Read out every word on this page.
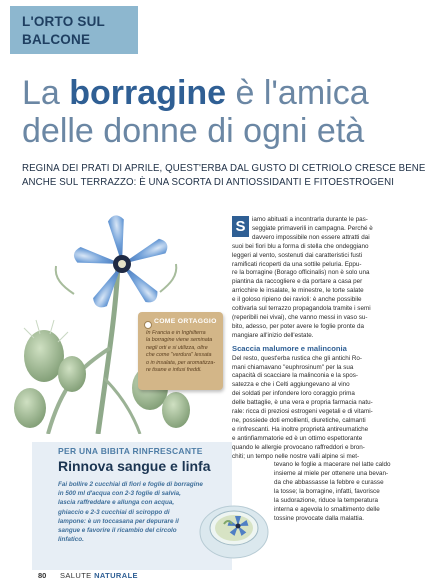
L'ORTO SUL
BALCONE
La borragine è l'amica
delle donne di ogni età
REGINA DEI PRATI DI APRILE, QUEST'ERBA DAL GUSTO DI CETRIOLO CRESCE BENE
ANCHE SUL TERRAZZO: È UNA SCORTA DI ANTIOSSIDANTI E FITOESTROGENI
COME ORTAGGIO
In Francia e in Inghilterra
la borragine viene seminata
negli orti e si utilizza, oltre
che come "verdura" lessata
o in insalata, per aromatizza-
re tisane e infusi freddi.
PER UNA BIBITA RINFRESCANTE
Rinnova sangue e linfa
Fai bollire 2 cucchiai di fiori e foglie di borragine
in 500 ml d'acqua con 2-3 foglie di salvia,
lascia raffreddare e allunga con acqua,
ghiaccio e 2-3 cucchiai di sciroppo di
lampone: è un toccasana per depurare il
sangue e favorire il ricambio del circolo
linfatico.
S	iamo abituati a incontrarla durante le pas-
seggiate primaverili in campagna. Perché è
davvero impossibile non essere attratti dai
suoi bei fiori blu a forma di stella che ondeggiano
leggeri al vento, sostenuti dai caratteristici fusti
ramificati ricoperti da una sottile peluria. Eppu-
re la borragine (Borago officinalis) non è solo una
piantina da raccogliere e da portare a casa per
arricchire le insalate, le minestre, le torte salate
e il goloso ripieno dei ravioli: è anche possibile
coltivarla sul terrazzo propagandola tramite i semi
(reperibili nei vivai), che vanno messi in vaso su-
bito, adesso, per poter avere le foglie pronte da
mangiare all'inizio dell'estate.
Scaccia malumore e malinconia
Del resto, quest'erba rustica che gli antichi Ro-
mani chiamavano "euphrosinum" per la sua
capacità di scacciare la malinconia e la spos-
satezza e che i Celti aggiungevano al vino
dei soldati per infondere loro coraggio prima
delle battaglie, è una vera e propria farmacia natu-
rale: ricca di preziosi estrogeni vegetali e di vitami-
ne, possiede doti emollienti, diuretiche, calmanti
e rinfrescanti. Ha inoltre proprietà antireumatiche
e antinfiammatorie ed è un ottimo espettorante
quando le allergie provocano raffreddori e bron-
chiti; un tempo nelle nostre valli alpine si met-
tevano le foglie a macerare nel latte caldo
insieme al miele per ottenere una bevan-
da che abbassasse la febbre e curasse
la tosse; la borragine, infatti, favorisce
la sudorazione, riduce la temperatura
interna e agevola lo smaltimento delle
tossine provocate dalla malattia.
80 SALUTE NATURALE
